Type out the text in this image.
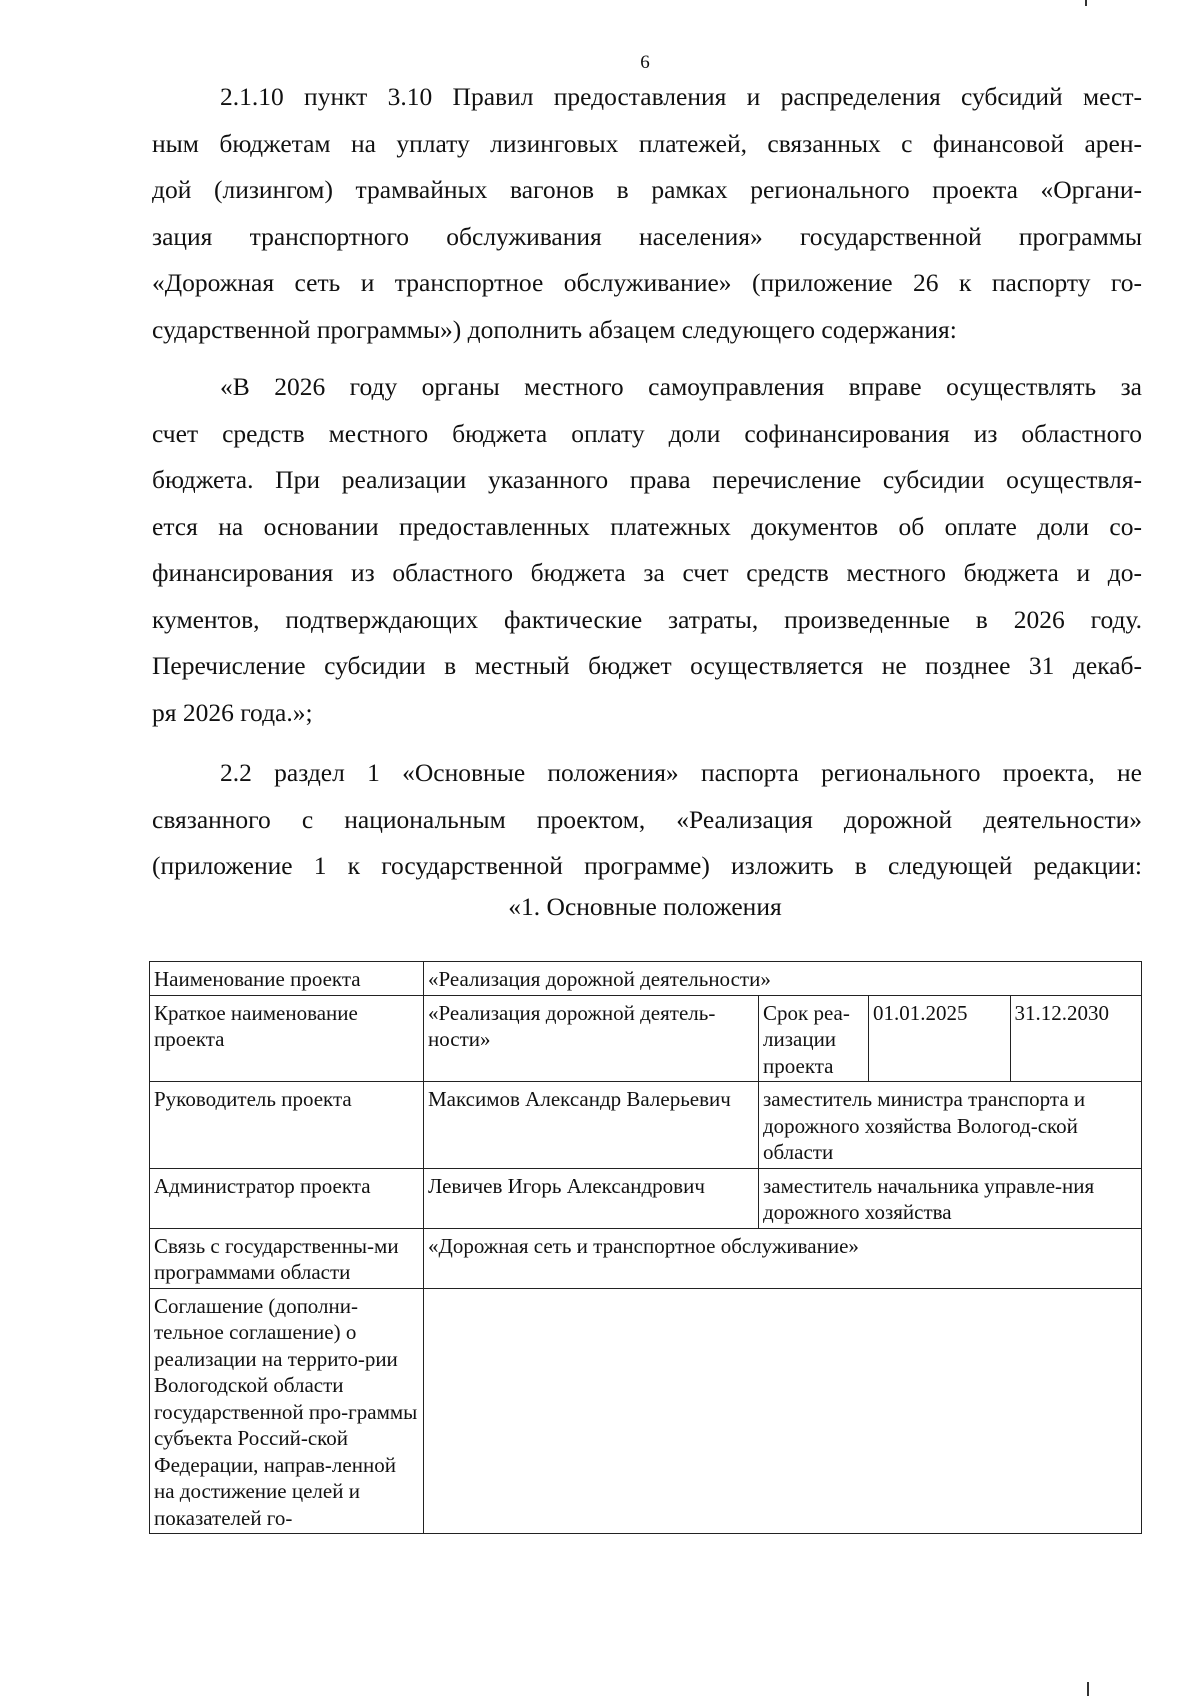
6
2.1.10 пункт 3.10 Правил предоставления и распределения субсидий мест-
ным бюджетам на уплату лизинговых платежей, связанных с финансовой арен-
дой (лизингом) трамвайных вагонов в рамках регионального проекта «Органи-
зация транспортного обслуживания населения» государственной программы
«Дорожная сеть и транспортное обслуживание» (приложение 26 к паспорту го-
сударственной программы») дополнить абзацем следующего содержания:
«В 2026 году органы местного самоуправления вправе осуществлять за
счет средств местного бюджета оплату доли софинансирования из областного
бюджета. При реализации указанного права перечисление субсидии осуществля-
ется на основании предоставленных платежных документов об оплате доли со-
финансирования из областного бюджета за счет средств местного бюджета и до-
кументов, подтверждающих фактические затраты, произведенные в 2026 году.
Перечисление субсидии в местный бюджет осуществляется не позднее 31 декаб-
ря 2026 года.»;
2.2 раздел 1 «Основные положения» паспорта регионального проекта, не
связанного с национальным проектом, «Реализация дорожной деятельности»
(приложение 1 к государственной программе) изложить в следующей редакции:
«1. Основные положения
Наименование проекта	«Реализация дорожной деятельности»			
Краткое наименование проекта	«Реализация дорожной деятель-ности»	Срок реа-лизации проекта	01.01.2025	31.12.2030
Руководитель проекта	Максимов Александр Валерьевич	заместитель министра транспорта и дорожного хозяйства Вологод-ской области		
Администратор проекта	Левичев Игорь Александрович	заместитель начальника управле-ния дорожного хозяйства		
Связь с государственны-ми программами области	«Дорожная сеть и транспортное обслуживание»			
Соглашение (дополни-тельное соглашение) о реализации на террито-рии Вологодской области государственной про-граммы субъекта Россий-ской Федерации, направ-ленной на достижение целей и показателей го-				
